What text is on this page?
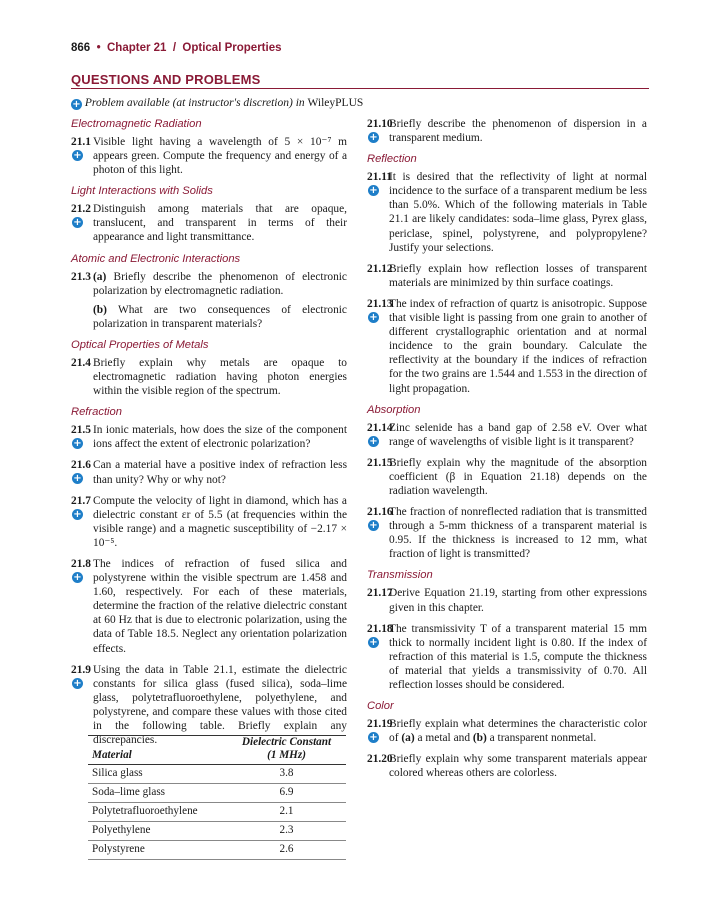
866 • Chapter 21 / Optical Properties
QUESTIONS AND PROBLEMS
+ Problem available (at instructor's discretion) in WileyPLUS
Electromagnetic Radiation
21.1
+

Visible light having a wavelength of 5 × 10⁻⁷ m appears green. Compute the frequency and energy of a photon of this light.

Light Interactions with Solids
21.2
+

Distinguish among materials that are opaque, translucent, and transparent in terms of their appearance and light transmittance.

Atomic and Electronic Interactions
21.3 (a) Briefly describe the phenomenon of electronic polarization by electromagnetic radiation.

(b) What are two consequences of electronic polarization in transparent materials?

Optical Properties of Metals
21.4 Briefly explain why metals are opaque to electromagnetic radiation having photon energies within the visible region of the spectrum.

Refraction
21.5
+

In ionic materials, how does the size of the component ions affect the extent of electronic polarization?

21.6
+

Can a material have a positive index of refraction less than unity? Why or why not?

21.7
+

Compute the velocity of light in diamond, which has a dielectric constant εr of 5.5 (at frequencies within the visible range) and a magnetic susceptibility of −2.17 × 10⁻⁵.

21.8
+

The indices of refraction of fused silica and polystyrene within the visible spectrum are 1.458 and 1.60, respectively. For each of these materials, determine the fraction of the relative dielectric constant at 60 Hz that is due to electronic polarization, using the data of Table 18.5. Neglect any orientation polarization effects.

21.9
+

Using the data in Table 21.1, estimate the dielectric constants for silica glass (fused silica), soda–lime glass, polytetrafluoroethylene, polyethylene, and polystyrene, and compare these values with those cited in the following table. Briefly explain any discrepancies.

Material	Dielectric Constant
(1 MHz)
Silica glass	3.8
Soda–lime glass	6.9
Polytetrafluoroethylene	2.1
Polyethylene	2.3
Polystyrene	2.6
21.10
+

Briefly describe the phenomenon of dispersion in a transparent medium.

Reflection
21.11
+

It is desired that the reflectivity of light at normal incidence to the surface of a transparent medium be less than 5.0%. Which of the following materials in Table 21.1 are likely candidates: soda–lime glass, Pyrex glass, periclase, spinel, polystyrene, and polypropylene? Justify your selections.

21.12

Briefly explain how reflection losses of transparent materials are minimized by thin surface coatings.

21.13
+

The index of refraction of quartz is anisotropic. Suppose that visible light is passing from one grain to another of different crystallographic orientation and at normal incidence to the grain boundary. Calculate the reflectivity at the boundary if the indices of refraction for the two grains are 1.544 and 1.553 in the direction of light propagation.

Absorption
21.14
+

Zinc selenide has a band gap of 2.58 eV. Over what range of wavelengths of visible light is it transparent?

21.15

Briefly explain why the magnitude of the absorption coefficient (β in Equation 21.18) depends on the radiation wavelength.

21.16
+

The fraction of nonreflected radiation that is transmitted through a 5-mm thickness of a transparent material is 0.95. If the thickness is increased to 12 mm, what fraction of light is transmitted?

Transmission
21.17

Derive Equation 21.19, starting from other expressions given in this chapter.

21.18
+

The transmissivity T of a transparent material 15 mm thick to normally incident light is 0.80. If the index of refraction of this material is 1.5, compute the thickness of material that yields a transmissivity of 0.70. All reflection losses should be considered.

Color
21.19
+

Briefly explain what determines the characteristic color of (a) a metal and (b) a transparent nonmetal.

21.20

Briefly explain why some transparent materials appear colored whereas others are colorless.
